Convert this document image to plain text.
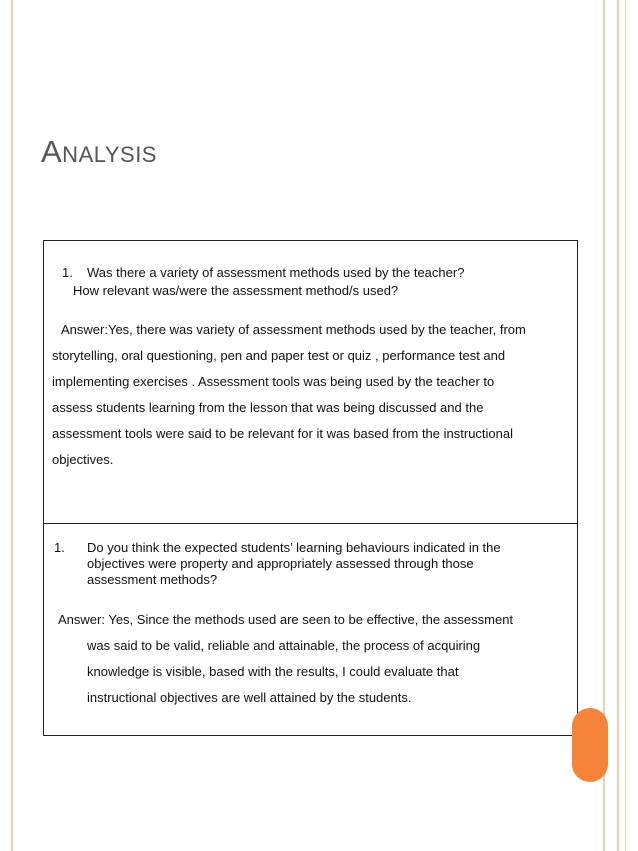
Analysis
1. Was there a variety of assessment methods used by the teacher?
How relevant was/were the assessment method/s used?
Answer:Yes, there was variety of assessment methods used by the teacher, from
storytelling, oral questioning, pen and paper test or quiz , performance test and
implementing exercises . Assessment tools was being used by the teacher to
assess students learning from the lesson that was being discussed and the
assessment tools were said to be relevant for it was based from the instructional
objectives.
1. Do you think the expected students’ learning behaviours indicated in the
objectives were property and appropriately assessed through those
assessment methods?
Answer: Yes, Since the methods used are seen to be effective, the assessment
was said to be valid, reliable and attainable, the process of acquiring
knowledge is visible, based with the results, I could evaluate that
instructional objectives are well attained by the students.
